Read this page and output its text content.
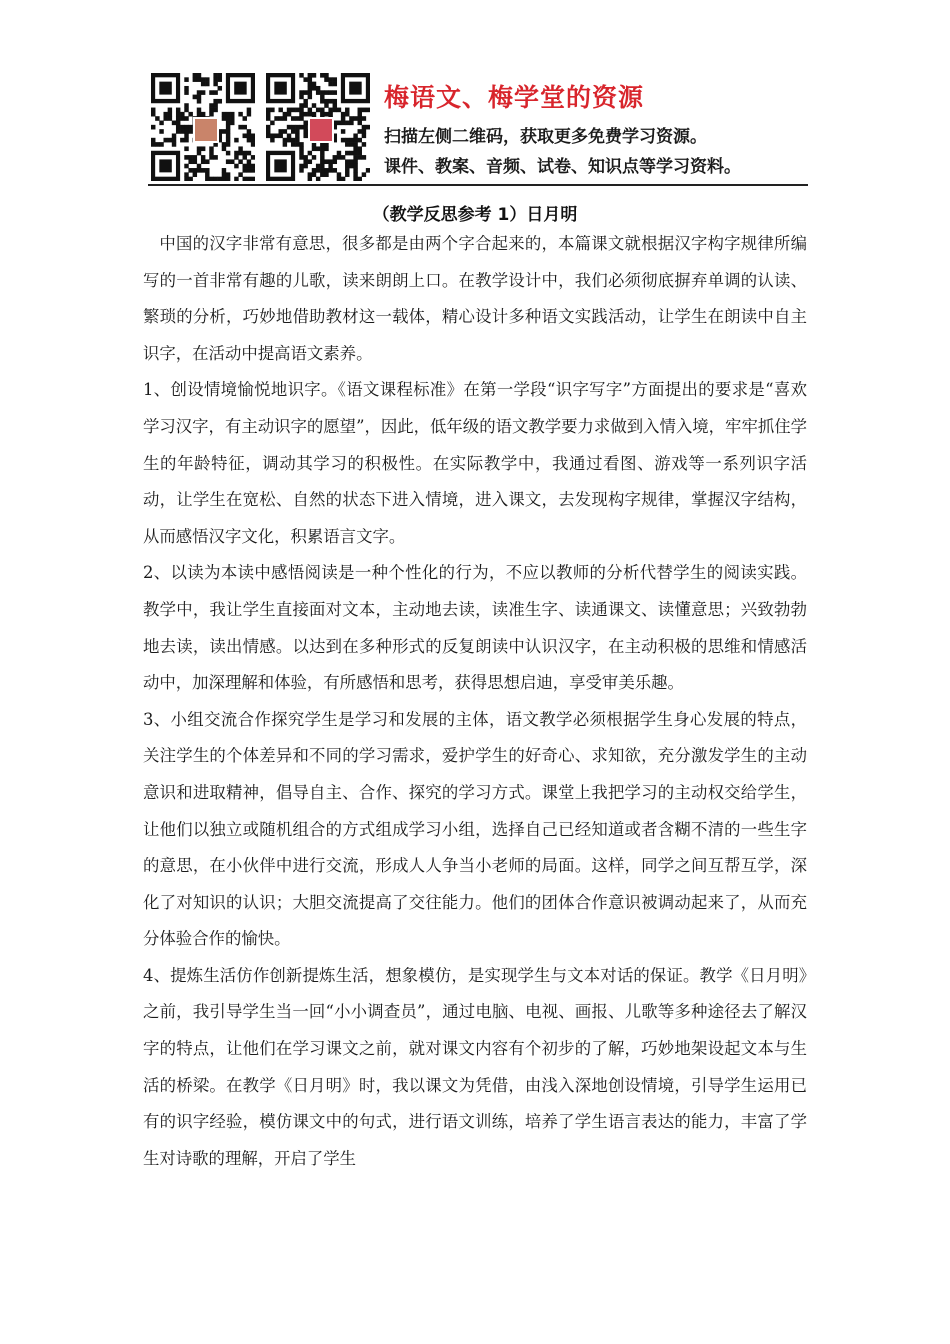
梅语文、梅学堂的资源
扫描左侧二维码，获取更多免费学习资源。
课件、教案、音频、试卷、知识点等学习资料。
（教学反思参考 1）日月明

中国的汉字非常有意思，很多都是由两个字合起来的，本篇课文就根据汉字构字规律所编写的一首非常有趣的儿歌，读来朗朗上口。在教学设计中，我们必须彻底摒弃单调的认读、繁琐的分析，巧妙地借助教材这一载体，精心设计多种语文实践活动，让学生在朗读中自主识字，在活动中提高语文素养。

1、创设情境愉悦地识字。《语文课程标准》在第一学段“识字写字”方面提出的要求是“喜欢学习汉字，有主动识字的愿望”，因此，低年级的语文教学要力求做到入情入境，牢牢抓住学生的年龄特征，调动其学习的积极性。在实际教学中，我通过看图、游戏等一系列识字活动，让学生在宽松、自然的状态下进入情境，进入课文，去发现构字规律，掌握汉字结构，从而感悟汉字文化，积累语言文字。

2、以读为本读中感悟阅读是一种个性化的行为，不应以教师的分析代替学生的阅读实践。教学中，我让学生直接面对文本，主动地去读，读准生字、读通课文、读懂意思；兴致勃勃地去读，读出情感。以达到在多种形式的反复朗读中认识汉字，在主动积极的思维和情感活动中，加深理解和体验，有所感悟和思考，获得思想启迪，享受审美乐趣。

3、小组交流合作探究学生是学习和发展的主体，语文教学必须根据学生身心发展的特点，关注学生的个体差异和不同的学习需求，爱护学生的好奇心、求知欲，充分激发学生的主动意识和进取精神，倡导自主、合作、探究的学习方式。课堂上我把学习的主动权交给学生，让他们以独立或随机组合的方式组成学习小组，选择自己已经知道或者含糊不清的一些生字的意思，在小伙伴中进行交流，形成人人争当小老师的局面。这样，同学之间互帮互学，深化了对知识的认识；大胆交流提高了交往能力。他们的团体合作意识被调动起来了，从而充分体验合作的愉快。

4、提炼生活仿作创新提炼生活，想象模仿，是实现学生与文本对话的保证。教学《日月明》之前，我引导学生当一回“小小调查员”，通过电脑、电视、画报、儿歌等多种途径去了解汉字的特点，让他们在学习课文之前，就对课文内容有个初步的了解，巧妙地架设起文本与生活的桥梁。在教学《日月明》时，我以课文为凭借，由浅入深地创设情境，引导学生运用已有的识字经验，模仿课文中的句式，进行语文训练，培养了学生语言表达的能力，丰富了学生对诗歌的理解，开启了学生
